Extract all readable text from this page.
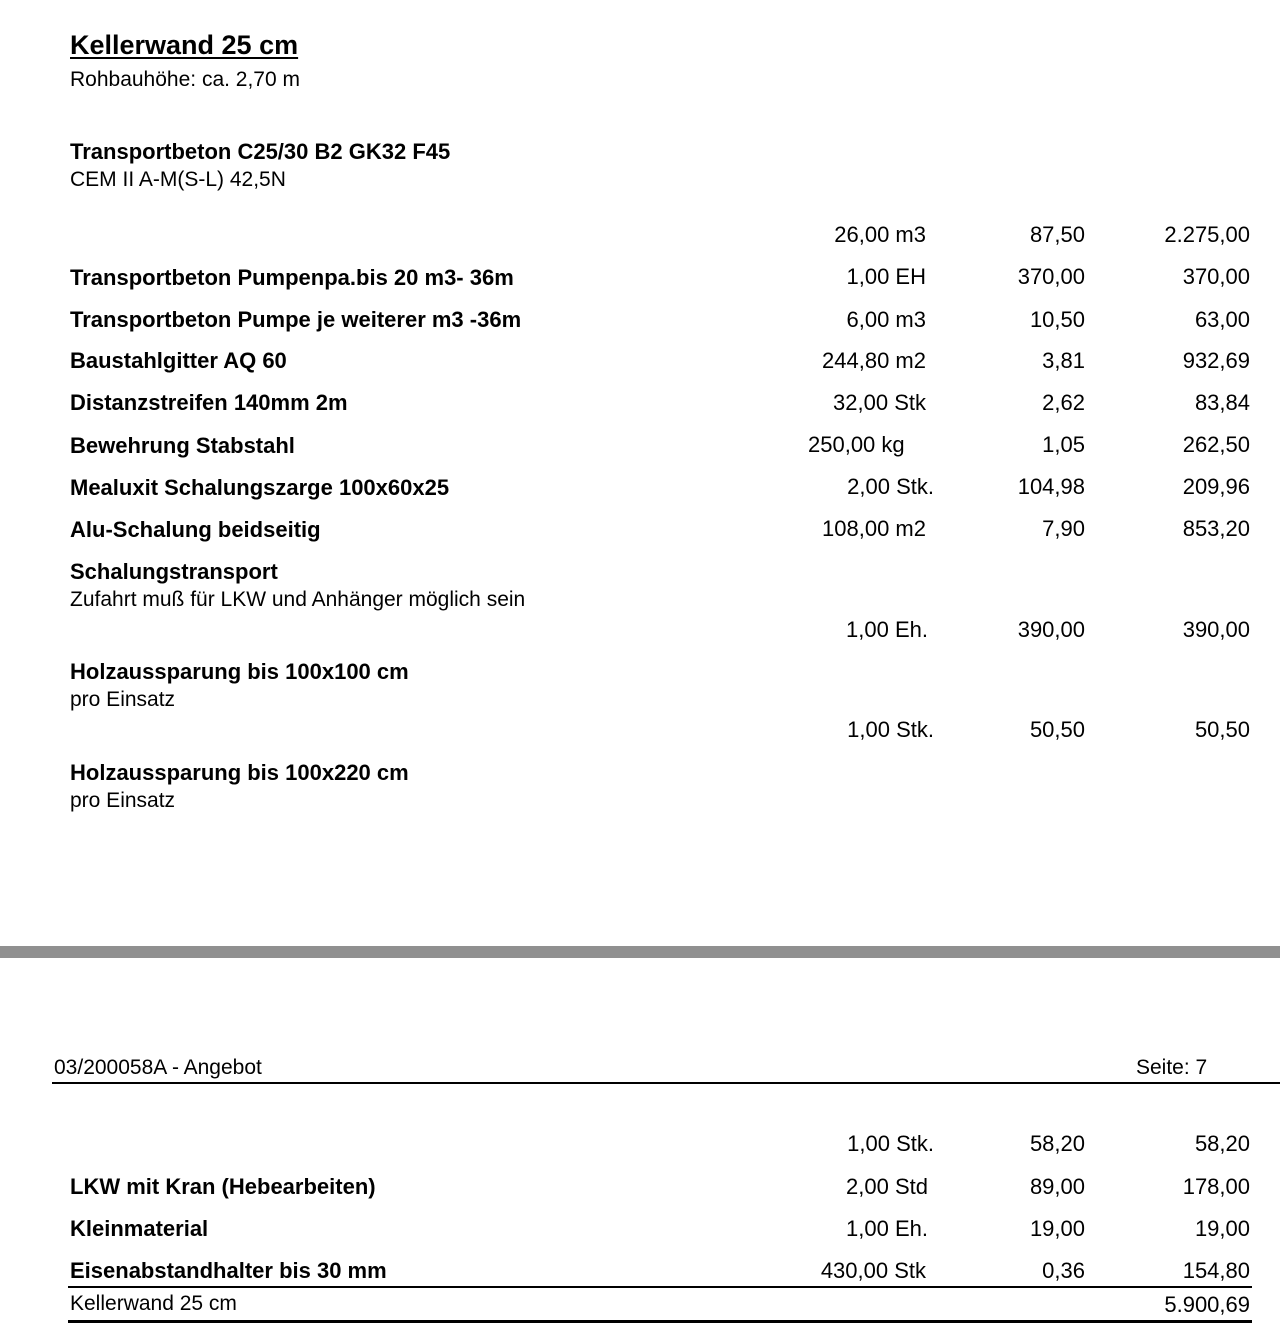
Kellerwand 25 cm
Rohbauhöhe: ca. 2,70 m
Transportbeton C25/30 B2 GK32 F45
CEM II A-M(S-L) 42,5N
26,00 m3	87,50	2.275,00
Transportbeton Pumpenpa.bis 20 m3- 36m	1,00 EH	370,00	370,00
Transportbeton Pumpe je weiterer m3 -36m	6,00 m3	10,50	63,00
Baustahlgitter AQ 60	244,80 m2	3,81	932,69
Distanzstreifen 140mm 2m	32,00 Stk	2,62	83,84
Bewehrung Stabstahl	250,00 kg	1,05	262,50
Mealuxit Schalungszarge 100x60x25	2,00 Stk.	104,98	209,96
Alu-Schalung beidseitig	108,00 m2	7,90	853,20
Schalungstransport
Zufahrt muß für LKW und Anhänger möglich sein
1,00 Eh.	390,00	390,00
Holzaussparung bis 100x100 cm
pro Einsatz
1,00 Stk.	50,50	50,50
Holzaussparung bis 100x220 cm
pro Einsatz
03/200058A - Angebot	Seite: 7
1,00 Stk.	58,20	58,20
LKW mit Kran (Hebearbeiten)	2,00 Std	89,00	178,00
Kleinmaterial	1,00 Eh.	19,00	19,00
Eisenabstandhalter bis 30 mm	430,00 Stk	0,36	154,80
Kellerwand 25 cm	5.900,69
